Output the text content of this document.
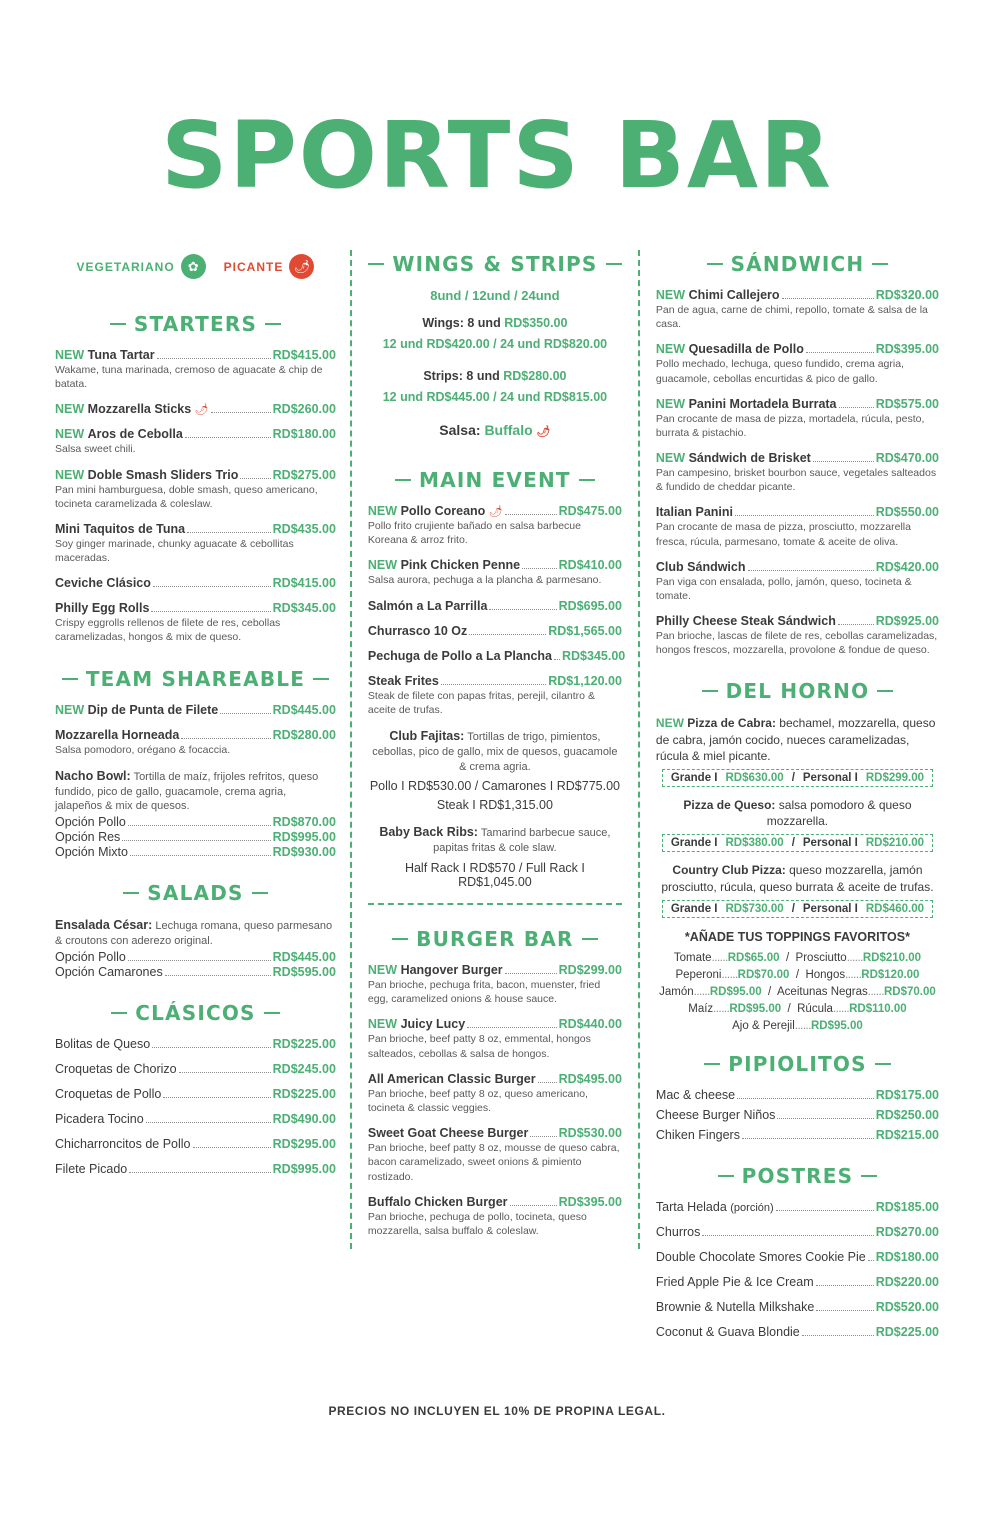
SPORTS BAR
VEGETARIANO	✿	PICANTE 🌶
STARTERS
NEW Tuna Tartar	RD$415.00
Wakame, tuna marinada, cremoso de aguacate & chip de batata.
NEW Mozzarella Sticks 🌶	RD$260.00
NEW Aros de Cebolla	RD$180.00
Salsa sweet chili.
NEW Doble Smash Sliders Trio	RD$275.00
Pan mini hamburguesa, doble smash, queso americano, tocineta caramelizada & coleslaw.
Mini Taquitos de Tuna	RD$435.00
Soy ginger marinade, chunky aguacate & cebollitas maceradas.
Ceviche Clásico	RD$415.00
Philly Egg Rolls	RD$345.00
Crispy eggrolls rellenos de filete de res, cebollas caramelizadas, hongos & mix de queso.
TEAM SHAREABLE
NEW Dip de Punta de Filete	RD$445.00
Mozzarella Horneada	RD$280.00
Salsa pomodoro, orégano & focaccia.
Nacho Bowl: Tortilla de maíz, frijoles refritos, queso fundido, pico de gallo, guacamole, crema agria, jalapeños & mix de quesos.
Opción Pollo	RD$870.00
Opción Res	RD$995.00
Opción Mixto	RD$930.00
SALADS
Ensalada César: Lechuga romana, queso parmesano & croutons con aderezo original.
Opción Pollo	RD$445.00
Opción Camarones	RD$595.00
CLÁSICOS
Bolitas de Queso	RD$225.00
Croquetas de Chorizo	RD$245.00
Croquetas de Pollo	RD$225.00
Picadera Tocino	RD$490.00
Chicharroncitos de Pollo	RD$295.00
Filete Picado	RD$995.00
WINGS & STRIPS
8und / 12und / 24und
Wings: 8 und RD$350.00
12 und RD$420.00 / 24 und RD$820.00
Strips: 8 und RD$280.00
12 und RD$445.00 / 24 und RD$815.00
Salsa: Buffalo 🌶
MAIN EVENT
NEW Pollo Coreano 🌶	RD$475.00
Pollo frito crujiente bañado en salsa barbecue Koreana & arroz frito.
NEW Pink Chicken Penne	RD$410.00
Salsa aurora, pechuga a la plancha & parmesano.
Salmón a La Parrilla	RD$695.00
Churrasco 10 Oz	RD$1,565.00
Pechuga de Pollo a La Plancha RD$345.00
Steak Frites	RD$1,120.00
Steak de filete con papas fritas, perejil, cilantro & aceite de trufas.
Club Fajitas: Tortillas de trigo, pimientos, cebollas, pico de gallo, mix de quesos, guacamole & crema agria.
Pollo I RD$530.00 / Camarones I RD$775.00
Steak I RD$1,315.00
Baby Back Ribs: Tamarind barbecue sauce, papitas fritas & cole slaw.
Half Rack I RD$570 / Full Rack I RD$1,045.00
BURGER BAR
NEW Hangover Burger	RD$299.00
Pan brioche, pechuga frita, bacon, muenster, fried egg, caramelized onions & house sauce.
NEW Juicy Lucy	RD$440.00
Pan brioche, beef patty 8 oz, emmental, hongos salteados, cebollas & salsa de hongos.
All American Classic Burger RD$495.00
Pan brioche, beef patty 8 oz, queso americano, tocineta & classic veggies.
Sweet Goat Cheese Burger RD$530.00
Pan brioche, beef patty 8 oz, mousse de queso cabra, bacon caramelizado, sweet onions & pimiento rostizado.
Buffalo Chicken Burger	RD$395.00
Pan brioche, pechuga de pollo, tocineta, queso mozzarella, salsa buffalo & coleslaw.
SÁNDWICH
NEW Chimi Callejero	RD$320.00
Pan de agua, carne de chimi, repollo, tomate & salsa de la casa.
NEW Quesadilla de Pollo	RD$395.00
Pollo mechado, lechuga, queso fundido, crema agria, guacamole, cebollas encurtidas & pico de gallo.
NEW Panini Mortadela Burrata	RD$575.00
Pan crocante de masa de pizza, mortadela, rúcula, pesto, burrata & pistachio.
NEW Sándwich de Brisket	RD$470.00
Pan campesino, brisket bourbon sauce, vegetales salteados & fundido de cheddar picante.
Italian Panini	RD$550.00
Pan crocante de masa de pizza, prosciutto, mozzarella fresca, rúcula, parmesano, tomate & aceite de oliva.
Club Sándwich	RD$420.00
Pan viga con ensalada, pollo, jamón, queso, tocineta & tomate.
Philly Cheese Steak Sándwich	RD$925.00
Pan brioche, lascas de filete de res, cebollas caramelizadas, hongos frescos, mozzarella, provolone & fondue de queso.
DEL HORNO
NEW Pizza de Cabra: bechamel, mozzarella, queso de cabra, jamón cocido, nueces caramelizadas, rúcula & miel picante.
Grande I RD$630.00 / Personal I RD$299.00
Pizza de Queso: salsa pomodoro & queso mozzarella.
Grande I RD$380.00 / Personal I RD$210.00
Country Club Pizza: queso mozzarella, jamón prosciutto, rúcula, queso burrata & aceite de trufas.
Grande I RD$730.00 / Personal I RD$460.00
*AÑADE TUS TOPPINGS FAVORITOS*
Tomate......RD$65.00  /  Prosciutto......RD$210.00
Peperoni......RD$70.00  /  Hongos......RD$120.00
Jamón......RD$95.00  /  Aceitunas Negras......RD$70.00
Maíz......RD$95.00  /  Rúcula......RD$110.00
Ajo & Perejil......RD$95.00
PIPIOLITOS
Mac & cheese	RD$175.00
Cheese Burger Niños	RD$250.00
Chiken Fingers	RD$215.00
POSTRES
Tarta Helada (porción)	RD$185.00
Churros	RD$270.00
Double Chocolate Smores Cookie Pie RD$180.00
Fried Apple Pie & Ice Cream	RD$220.00
Brownie & Nutella Milkshake	RD$520.00
Coconut & Guava Blondie	RD$225.00
PRECIOS NO INCLUYEN EL 10% DE PROPINA LEGAL.
